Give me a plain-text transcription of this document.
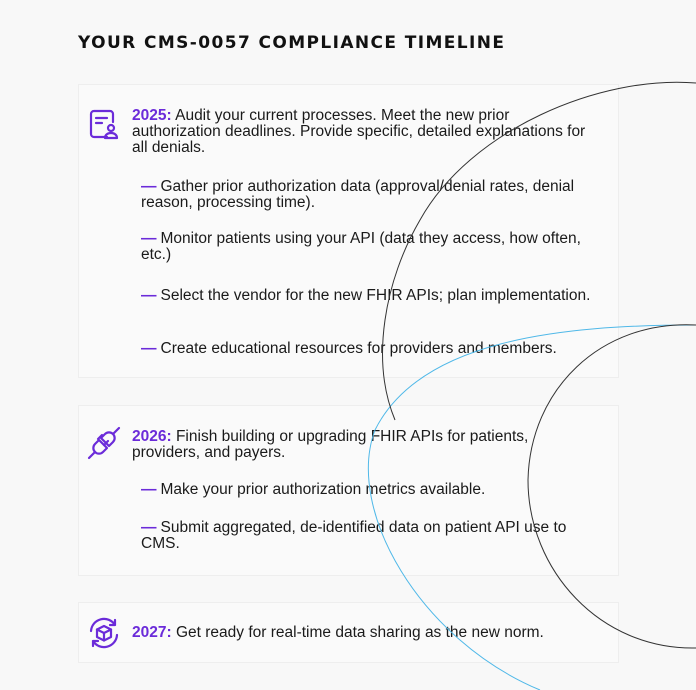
YOUR CMS-0057 COMPLIANCE TIMELINE
2025: Audit your current processes. Meet the new prior authorization deadlines. Provide specific, detailed explanations for all denials.
— Gather prior authorization data (approval/denial rates, denial reason, processing time).
— Monitor patients using your API (data they access, how often, etc.)
— Select the vendor for the new FHIR APIs; plan implementation.
— Create educational resources for providers and members.
2026: Finish building or upgrading FHIR APIs for patients, providers, and payers.
— Make your prior authorization metrics available.
— Submit aggregated, de-identified data on patient API use to CMS.
2027: Get ready for real-time data sharing as the new norm.
